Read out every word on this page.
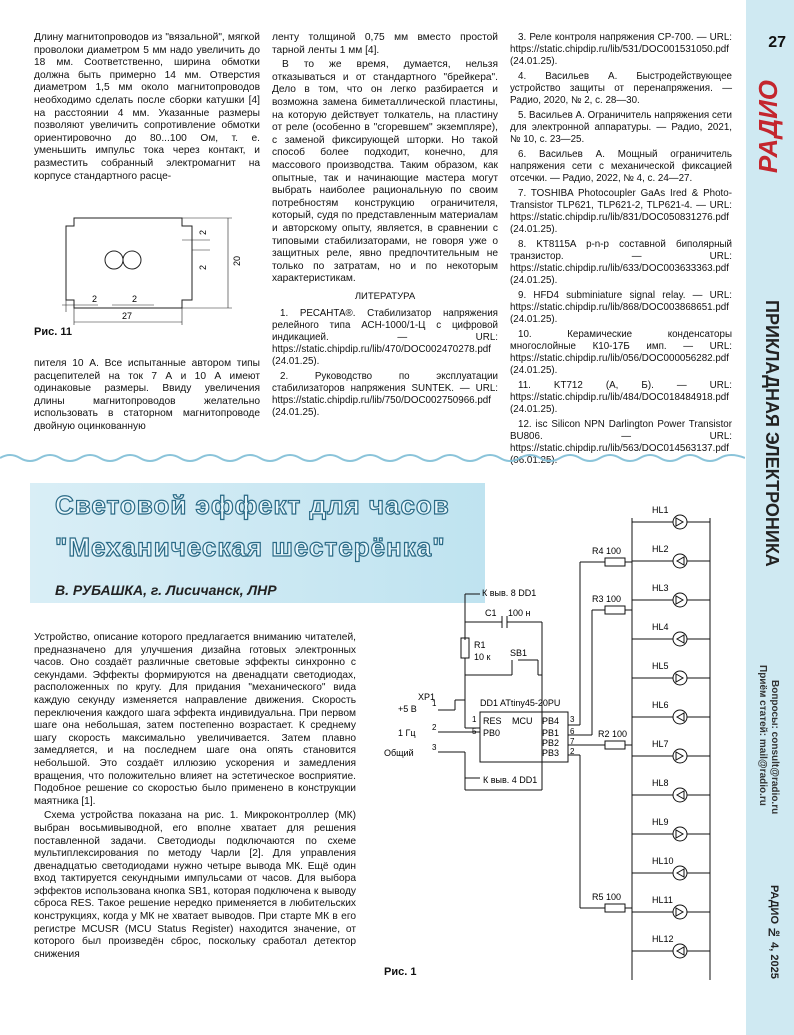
27
РАДИО
ПРИКЛАДНАЯ ЭЛЕКТРОНИКА
Приём статей: mail@radio.ru Вопросы: consult@radio.ru
РАДИО № 4, 2025

Длину магнитопроводов из "вязальной", мягкой проволоки диаметром 5 мм надо увеличить до 18 мм. Соответственно, ширина обмотки должна быть примерно 14 мм. Отверстия диаметром 1,5 мм около магнитопроводов необходимо сделать после сборки катушки [4] на расстоянии 4 мм. Указанные размеры позволяют увеличить сопротивление обмотки ориентировочно до 80...100 Ом, т. е. уменьшить импульс тока через контакт, и разместить собранный электромагнит на корпусе стандартного расце-

2
2
20
2	2
27
Рис. 11

пителя 10 А. Все испытанные автором типы расцепителей на ток 7 А и 10 А имеют одинаковые размеры. Ввиду увеличения длины магнитопроводов желательно использовать в статорном магнитопроводе двойную оцинкованную

ленту толщиной 0,75 мм вместо простой тарной ленты 1 мм [4].

В то же время, думается, нельзя отказываться и от стандартного "брейкера". Дело в том, что он легко разбирается и возможна замена биметаллической пластины, на которую действует толкатель, на пластину от реле (особенно в "сгоревшем" экземпляре), с заменой фиксирующей шторки. Но такой способ более подходит, конечно, для массового производства. Таким образом, как опытные, так и начинающие мастера могут выбрать наиболее рациональную по своим потребностям конструкцию ограничителя, который, судя по представленным материалам и авторскому опыту, является, в сравнении с типовыми стабилизаторами, не говоря уже о защитных реле, явно предпочтительным не только по затратам, но и по некоторым характеристикам.

ЛИТЕРАТУРА
1. РЕСАНТА®. Стабилизатор напряжения релейного типа АСН-1000/1-Ц с цифровой индикацией. — URL: https://static.chipdip.ru/lib/470/DOC002470278.pdf (24.01.25).
2. Руководство по эксплуатации стабилизаторов напряжения SUNTEK. — URL: https://static.chipdip.ru/lib/750/DOC002750966.pdf (24.01.25).
3. Реле контроля напряжения СР-700. — URL: https://static.chipdip.ru/lib/531/DOC001531050.pdf (24.01.25).
4. Васильев А. Быстродействующее устройство защиты от перенапряжения. — Радио, 2020, № 2, с. 28—30.
5. Васильев А. Ограничитель напряжения сети для электронной аппаратуры. — Радио, 2021, № 10, с. 23—25.
6. Васильев А. Мощный ограничитель напряжения сети с механической фиксацией отсечки. — Радио, 2022, № 4, с. 24—27.
7. TOSHIBA Photocoupler GaAs Ired & Photo-Transistor TLP621, TLP621-2, TLP621-4. — URL: https://static.chipdip.ru/lib/831/DOC050831276.pdf (24.01.25).
8. KT8115A p-n-p составной биполярный транзистор. — URL: https://static.chipdip.ru/lib/633/DOC003633363.pdf (24.01.25).
9. HFD4 subminiature signal relay. — URL: https://static.chipdip.ru/lib/868/DOC003868651.pdf (24.01.25).
10. Керамические конденсаторы многослойные К10-17Б имп. — URL: https://static.chipdip.ru/lib/056/DOC000056282.pdf (24.01.25).
11. KT712 (А, Б). — URL: https://static.chipdip.ru/lib/484/DOC018484918.pdf (24.01.25).
12. isc Silicon NPN Darlington Power Transistor BU806. — URL: https://static.chipdip.ru/lib/563/DOC014563137.pdf (06.01.25).
Световой эффект для часов
"Механическая шестерёнка"
В. РУБАШКА, г. Лисичанск, ЛНР

Устройство, описание которого предлагается вниманию читателей, предназначено для улучшения дизайна готовых электронных часов. Оно создаёт различные световые эффекты синхронно с секундами. Эффекты формируются на двенадцати светодиодах, расположенных по кругу. Для придания "механического" вида каждую секунду изменяется направление движения. Скорость переключения каждого шага эффекта индивидуальна. При первом шаге она небольшая, затем постепенно возрастает. К среднему шагу скорость максимально увеличивается. Затем плавно замедляется, и на последнем шаге она опять становится небольшой. Это создаёт иллюзию ускорения и замедления вращения, что положительно влияет на эстетическое восприятие. Подобное решение со скоростью было применено в конструкции маятника [1].

Схема устройства показана на рис. 1. Микроконтроллер (МК) выбран восьмивыводной, его вполне хватает для решения поставленной задачи. Светодиоды подключаются по схеме мультиплексирования по методу Чарли [2]. Для управления двенадцатью светодиодами нужно четыре вывода МК. Ещё один вход тактируется секундными импульсами от часов. Для выбора эффектов использована кнопка SB1, которая подключена к выводу сброса RES. Такое решение нередко применяется в любительских конструкциях, когда у МК не хватает выводов. При старте МК в его регистре MCUSR (MCU Status Register) находится значение, от которого был произведён сброс, поскольку сработал детектор снижения

Рис. 1
HL1
HL2
HL3
HL4
HL5
HL6
HL7
HL8
HL9
HL10
HL11
HL12
К выв. 8 DD1
C1 100 н
R1
10 к SB1
DD1 ATtiny45-20PU
RES
PB0
MCU PB4
PB1
PB2
PB3
1
5
3
6
7
2
XP1
+5 В
1 Гц
Общий
1
2
3
К выв. 4 DD1
R4 100
R3 100
R2 100
R5 100
